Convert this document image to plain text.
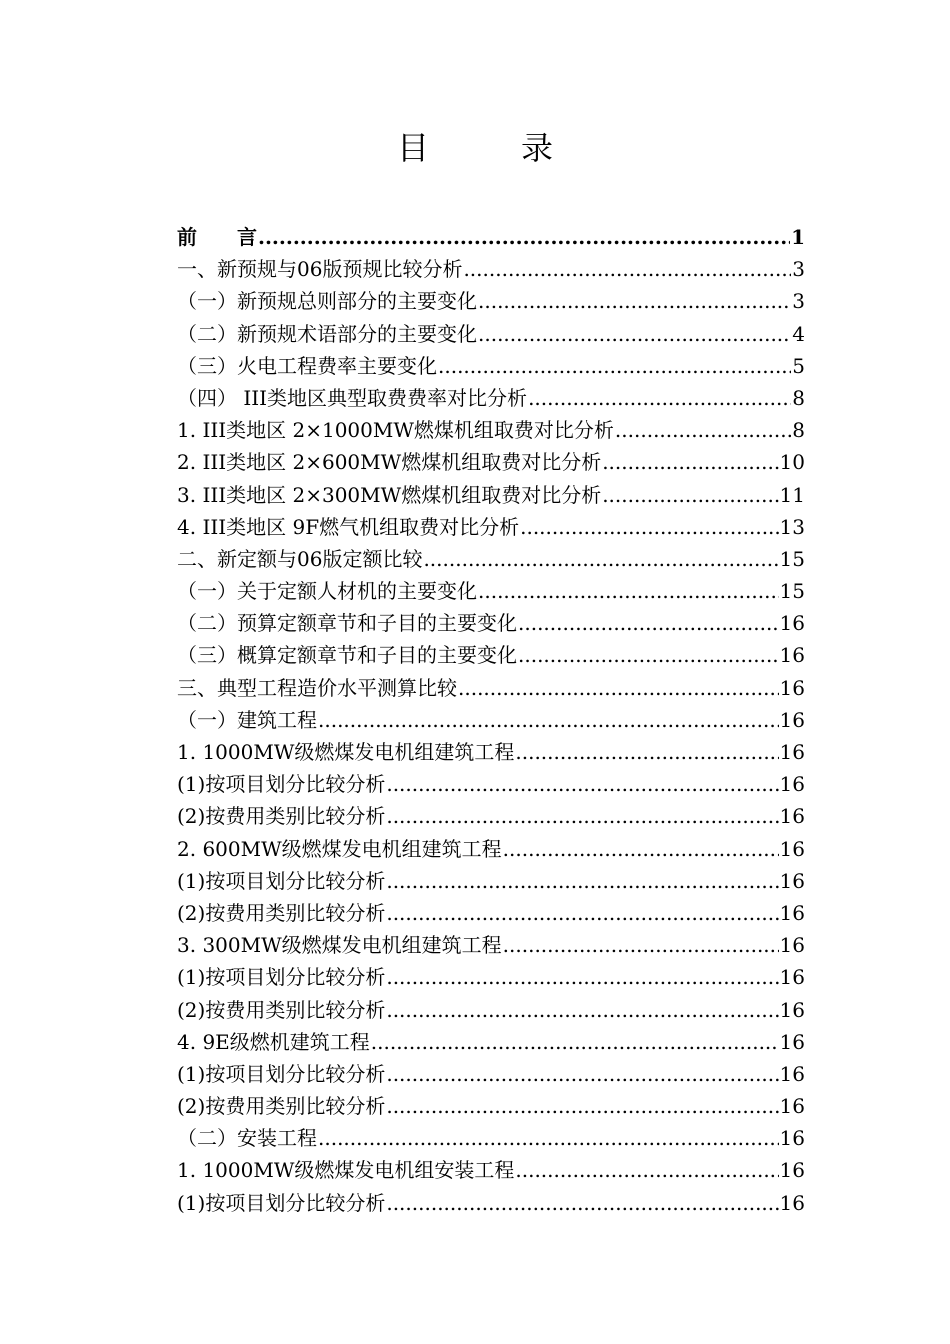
目　录
前　　言 .....	1
一、新预规与06版预规比较分析 .....	3
（一）新预规总则部分的主要变化 .....	3
（二）新预规术语部分的主要变化 .....	4
（三）火电工程费率主要变化 .....	5
（四） III类地区典型取费费率对比分析 .....	8
1. III类地区 2×1000MW燃煤机组取费对比分析 .....	8
2. III类地区 2×600MW燃煤机组取费对比分析 .....	10
3. III类地区 2×300MW燃煤机组取费对比分析 .....	11
4. III类地区 9F燃气机组取费对比分析 .....	13
二、新定额与06版定额比较 .....	15
（一）关于定额人材机的主要变化 .....	15
（二）预算定额章节和子目的主要变化 .....	16
（三）概算定额章节和子目的主要变化 .....	16
三、典型工程造价水平测算比较 .....	16
（一）建筑工程 .....	16
1. 1000MW级燃煤发电机组建筑工程 .....	16
(1)按项目划分比较分析 .....	16
(2)按费用类别比较分析 .....	16
2. 600MW级燃煤发电机组建筑工程 .....	16
(1)按项目划分比较分析 .....	16
(2)按费用类别比较分析 .....	16
3. 300MW级燃煤发电机组建筑工程 .....	16
(1)按项目划分比较分析 .....	16
(2)按费用类别比较分析 .....	16
4. 9E级燃机建筑工程 .....	16
(1)按项目划分比较分析 .....	16
(2)按费用类别比较分析 .....	16
（二）安装工程 .....	16
1. 1000MW级燃煤发电机组安装工程 .....	16
(1)按项目划分比较分析 .....	16
